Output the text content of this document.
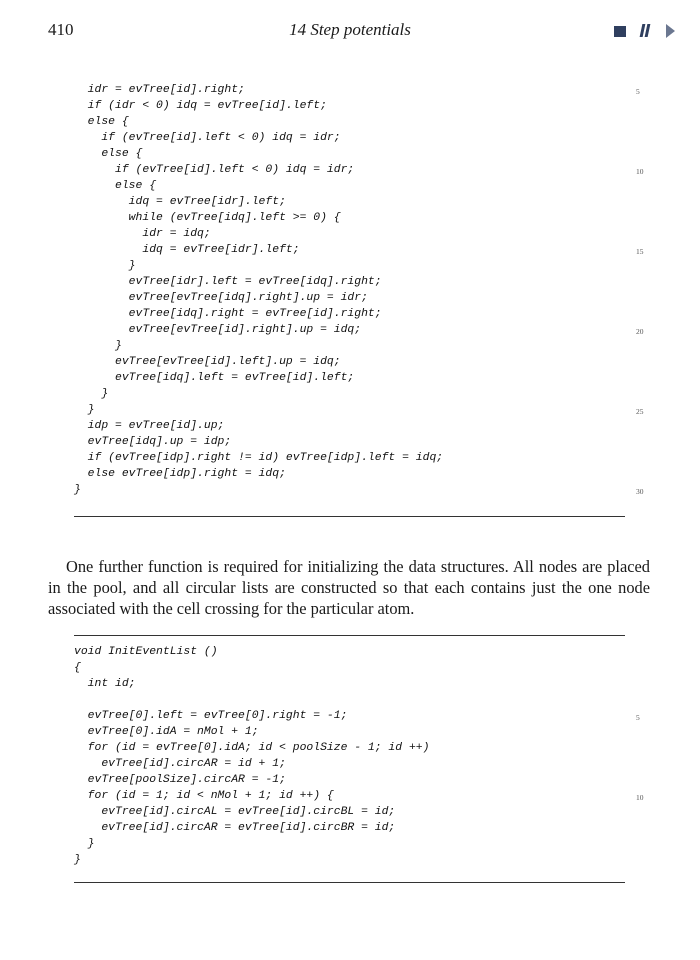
410	14 Step potentials
idr = evTree[id].right;	5
if (idr < 0) idq = evTree[id].left;
else {
if (evTree[id].left < 0) idq = idr;
else {
if (evTree[id].left < 0) idq = idr;	10
else {
idq = evTree[idr].left;
while (evTree[idq].left >= 0) {
idr = idq;
idq = evTree[idr].left;	15
}
evTree[idr].left = evTree[idq].right;
evTree[evTree[idq].right].up = idr;
evTree[idq].right = evTree[id].right;
evTree[evTree[id].right].up = idq;	20
}
evTree[evTree[id].left].up = idq;
evTree[idq].left = evTree[id].left;
}
}	25
idp = evTree[id].up;
evTree[idq].up = idp;
if (evTree[idp].right != id) evTree[idp].left = idq;
else evTree[idp].right = idq;
}	30

One further function is required for initializing the data structures. All nodes are placed in the pool, and all circular lists are constructed so that each contains just the one node associated with the cell crossing for the particular atom.

void InitEventList ()
{
int id;
evTree[0].left = evTree[0].right = -1;	5
evTree[0].idA = nMol + 1;
for (id = evTree[0].idA; id < poolSize - 1; id ++)
evTree[id].circAR = id + 1;
evTree[poolSize].circAR = -1;
for (id = 1; id < nMol + 1; id ++) {	10
evTree[id].circAL = evTree[id].circBL = id;
evTree[id].circAR = evTree[id].circBR = id;
}
}
